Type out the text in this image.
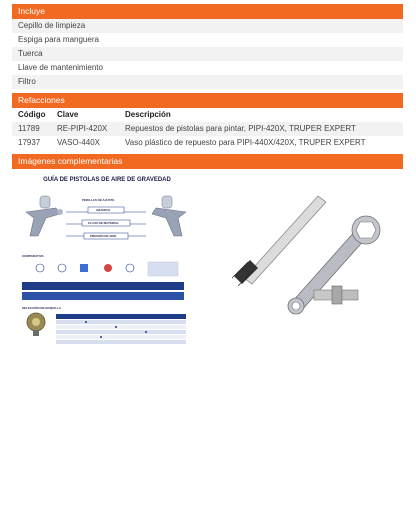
Incluye
Cepillo de limpieza
Espiga para manguera
Tuerca
Llave de mantenimiento
Filtro
Refacciones
Código Clave	Descripción
11789 RE-PIPI-420X Repuestos de pistolas para pintar, PIPI-420X, TRUPER EXPERT
17937 VASO-440X	Vaso plástico de repuesto para PIPI-440X/420X, TRUPER EXPERT
Imágenes complementarias
GUÍA DE PISTOLAS DE AIRE DE GRAVEDAD
PERILLAS DE AJUSTE
ABANICO
FLUJO DE MATERIAL
PRESIÓN DE AIRE
COMPARATIVA
SELECCIÓN DE BOQUILLA
